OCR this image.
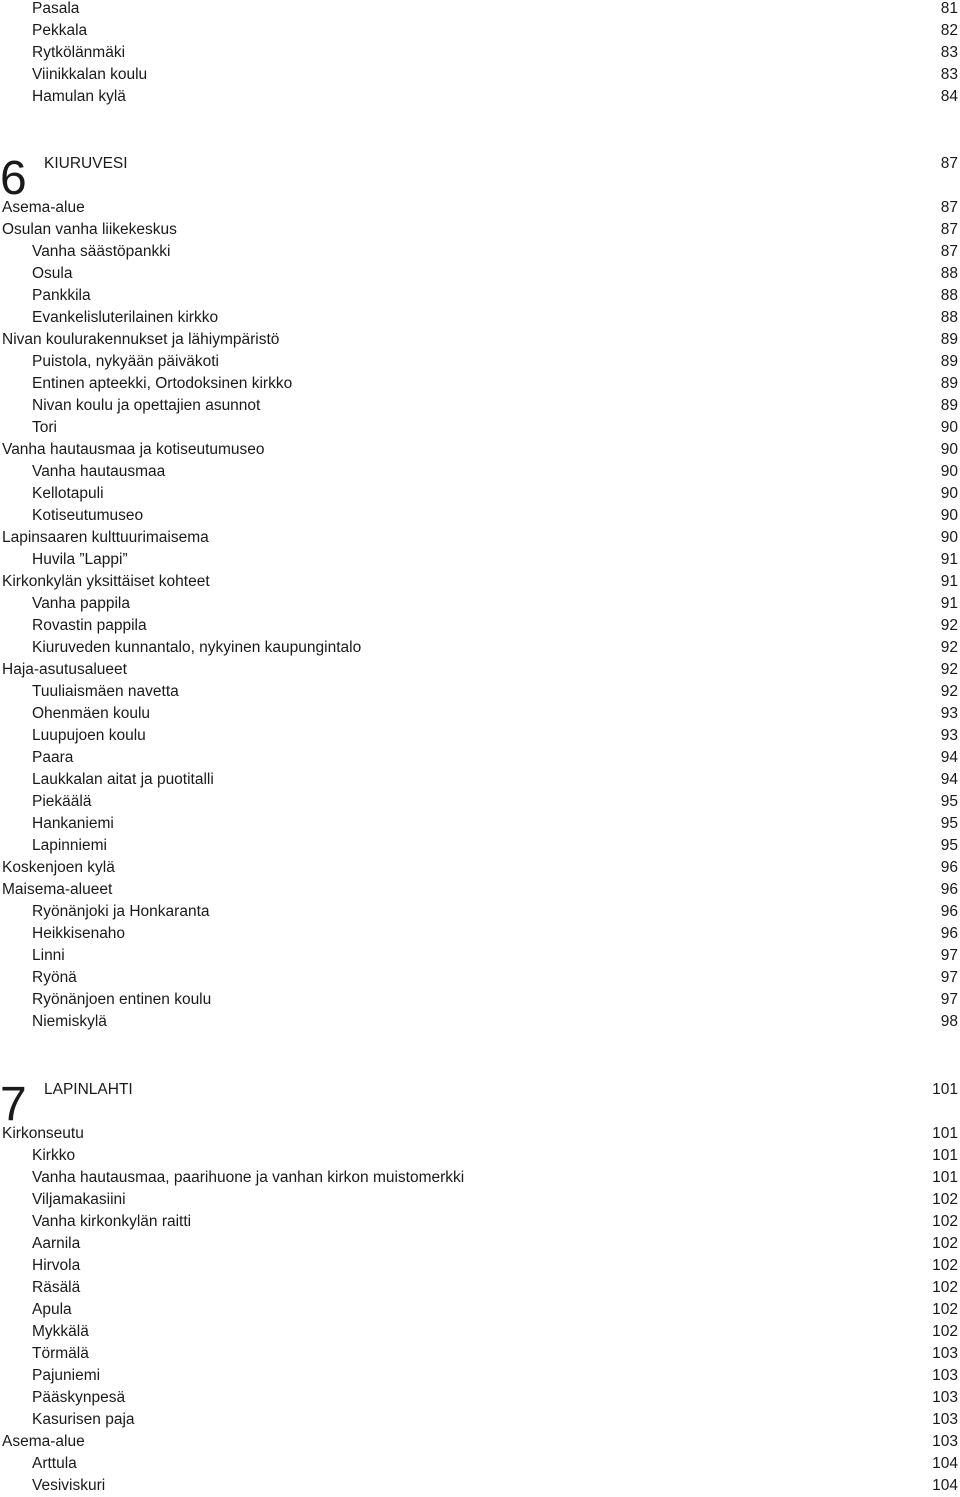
Pasala	81
Pekkala	82
Rytkölänmäki	83
Viinikkalan koulu	83
Hamulan kylä	84
6 KIURUVESI	87
Asema-alue	87
Osulan vanha liikekeskus	87
Vanha säästöpankki	87
Osula	88
Pankkila	88
Evankelisluterilainen kirkko	88
Nivan koulurakennukset ja lähiympäristö	89
Puistola, nykyään päiväkoti	89
Entinen apteekki, Ortodoksinen kirkko	89
Nivan koulu ja opettajien asunnot	89
Tori	90
Vanha hautausmaa ja kotiseutumuseo	90
Vanha hautausmaa	90
Kellotapuli	90
Kotiseutumuseo	90
Lapinsaaren kulttuurimaisema	90
Huvila ”Lappi”	91
Kirkonkylän yksittäiset kohteet	91
Vanha pappila	91
Rovastin pappila	92
Kiuruveden kunnantalo, nykyinen kaupungintalo	92
Haja-asutusalueet	92
Tuuliaismäen navetta	92
Ohenmäen koulu	93
Luupujoen koulu	93
Paara	94
Laukkalan aitat ja puotitalli	94
Piekäälä	95
Hankaniemi	95
Lapinniemi	95
Koskenjoen kylä	96
Maisema-alueet	96
Ryönänjoki ja Honkaranta	96
Heikkisenaho	96
Linni	97
Ryönä	97
Ryönänjoen entinen koulu	97
Niemiskylä	98
7 LAPINLAHTI	101
Kirkonseutu	101
Kirkko	101
Vanha hautausmaa, paarihuone ja vanhan kirkon muistomerkki	101
Viljamakasiini	102
Vanha kirkonkylän raitti	102
Aarnila	102
Hirvola	102
Räsälä	102
Apula	102
Mykkälä	102
Törmälä	103
Pajuniemi	103
Pääskynpesä	103
Kasurisen paja	103
Asema-alue	103
Arttula	104
Vesiviskuri	104
